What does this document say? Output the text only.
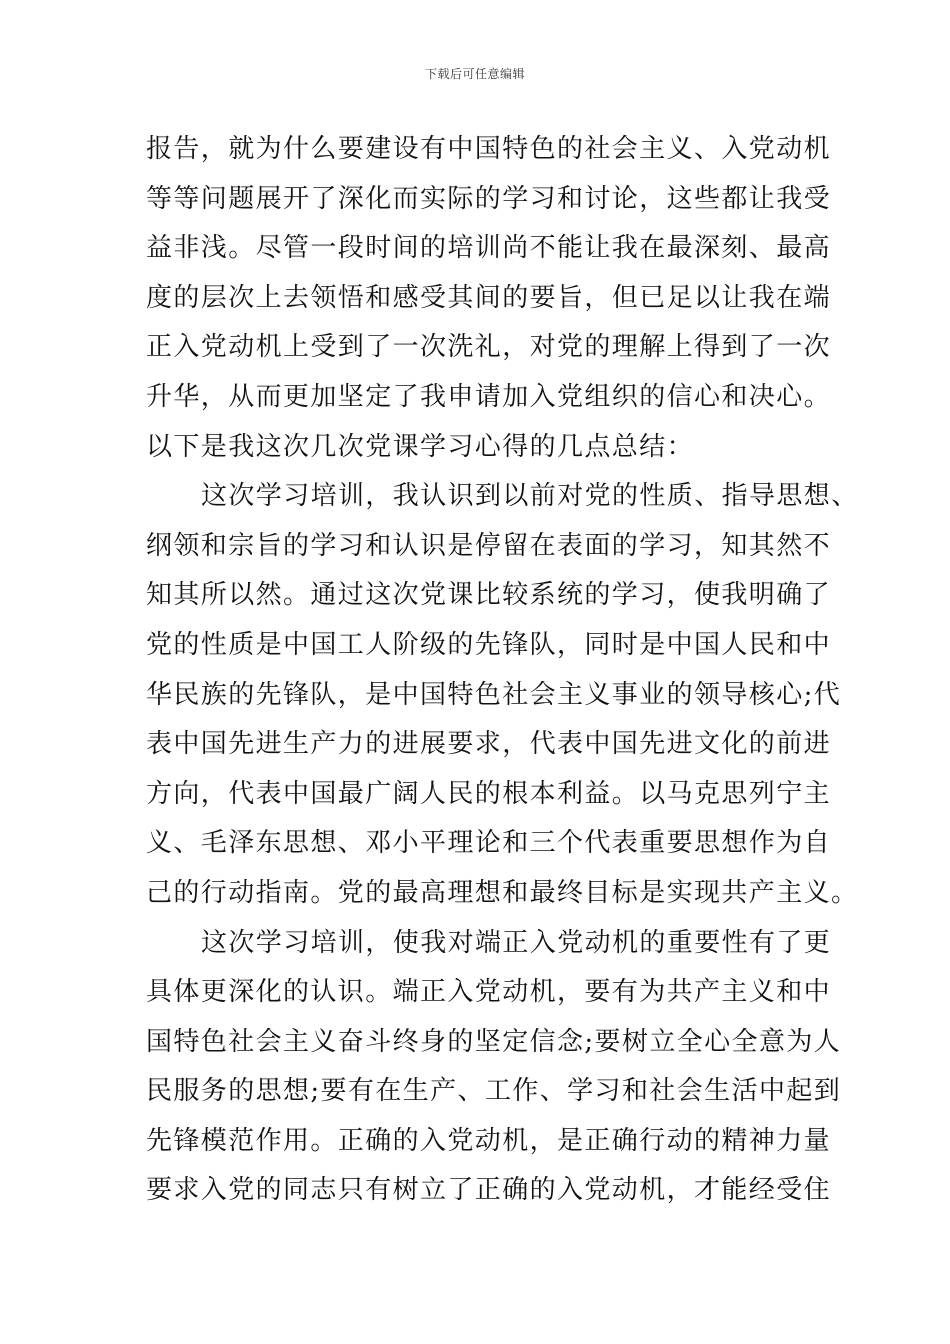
下载后可任意编辑
报告，就为什么要建设有中国特色的社会主义、入党动机
等等问题展开了深化而实际的学习和讨论，这些都让我受
益非浅。尽管一段时间的培训尚不能让我在最深刻、最高
度的层次上去领悟和感受其间的要旨，但已足以让我在端
正入党动机上受到了一次洗礼，对党的理解上得到了一次
升华，从而更加坚定了我申请加入党组织的信心和决心。
以下是我这次几次党课学习心得的几点总结：
这次学习培训，我认识到以前对党的性质、指导思想、
纲领和宗旨的学习和认识是停留在表面的学习，知其然不
知其所以然。通过这次党课比较系统的学习，使我明确了
党的性质是中国工人阶级的先锋队，同时是中国人民和中
华民族的先锋队，是中国特色社会主义事业的领导核心;代
表中国先进生产力的进展要求，代表中国先进文化的前进
方向，代表中国最广阔人民的根本利益。以马克思列宁主
义、毛泽东思想、邓小平理论和三个代表重要思想作为自
己的行动指南。党的最高理想和最终目标是实现共产主义。
这次学习培训，使我对端正入党动机的重要性有了更
具体更深化的认识。端正入党动机，要有为共产主义和中
国特色社会主义奋斗终身的坚定信念;要树立全心全意为人
民服务的思想;要有在生产、工作、学习和社会生活中起到
先锋模范作用。正确的入党动机，是正确行动的精神力量
要求入党的同志只有树立了正确的入党动机，才能经受住
